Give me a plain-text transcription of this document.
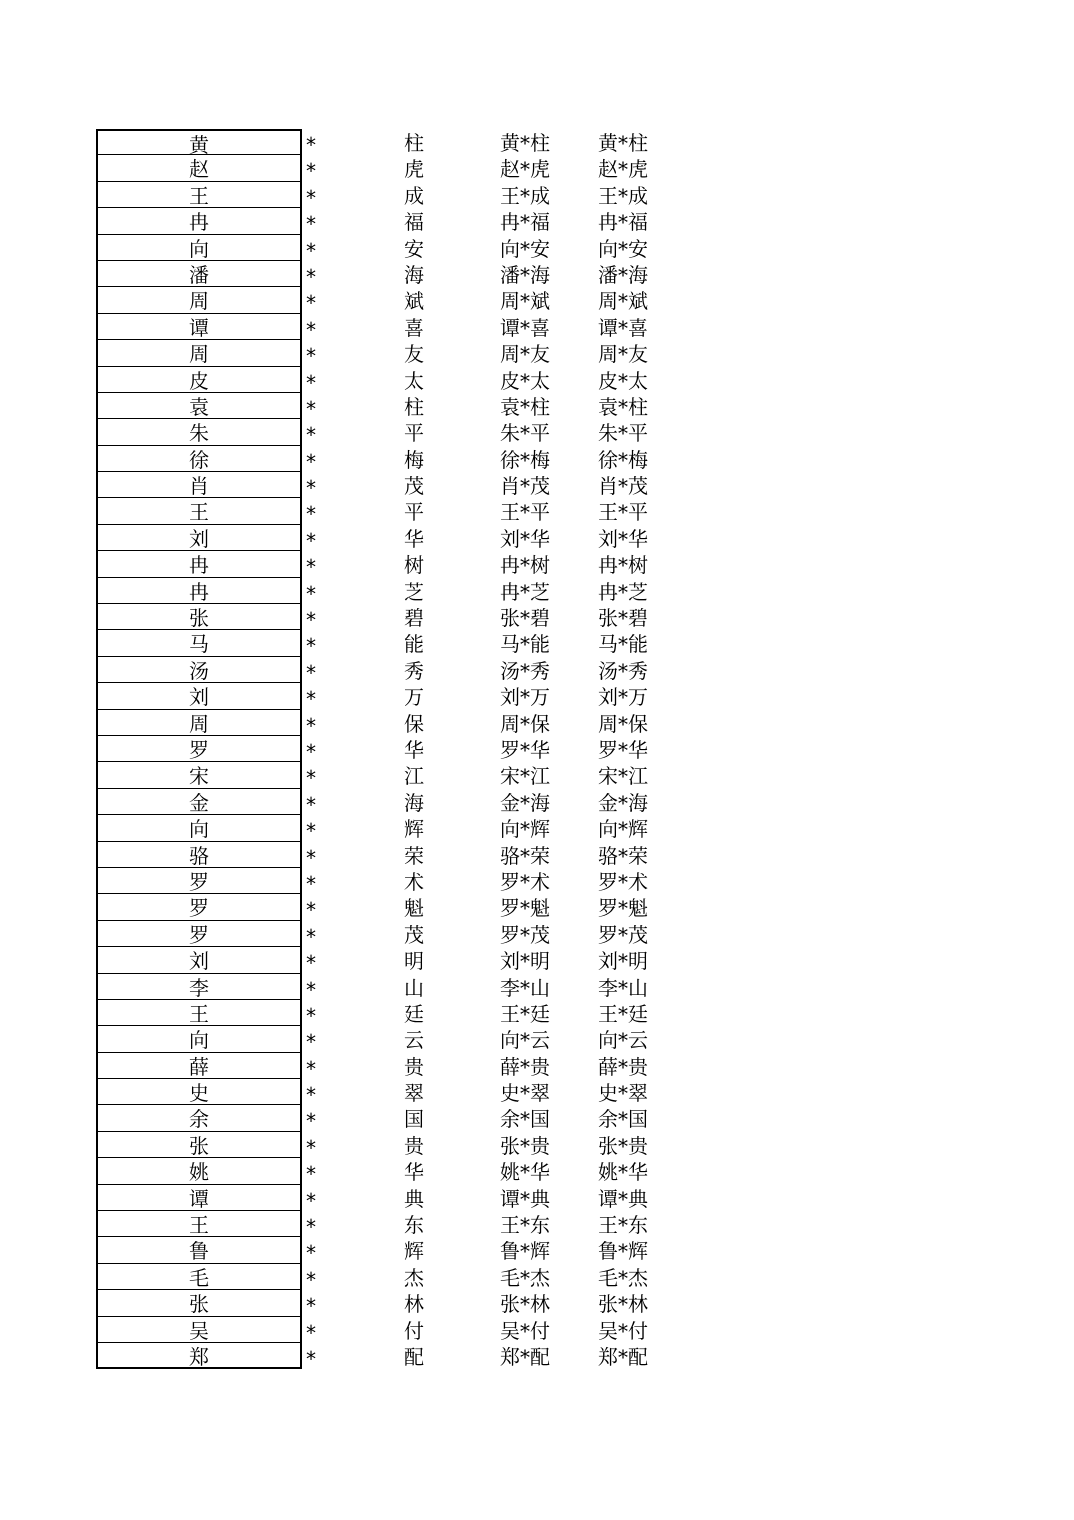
黄	*	柱	黄*柱	黄*柱
赵	*	虎	赵*虎	赵*虎
王	*	成	王*成	王*成
冉	*	福	冉*福	冉*福
向	*	安	向*安	向*安
潘	*	海	潘*海	潘*海
周	*	斌	周*斌	周*斌
谭	*	喜	谭*喜	谭*喜
周	*	友	周*友	周*友
皮	*	太	皮*太	皮*太
袁	*	柱	袁*柱	袁*柱
朱	*	平	朱*平	朱*平
徐	*	梅	徐*梅	徐*梅
肖	*	茂	肖*茂	肖*茂
王	*	平	王*平	王*平
刘	*	华	刘*华	刘*华
冉	*	树	冉*树	冉*树
冉	*	芝	冉*芝	冉*芝
张	*	碧	张*碧	张*碧
马	*	能	马*能	马*能
汤	*	秀	汤*秀	汤*秀
刘	*	万	刘*万	刘*万
周	*	保	周*保	周*保
罗	*	华	罗*华	罗*华
宋	*	江	宋*江	宋*江
金	*	海	金*海	金*海
向	*	辉	向*辉	向*辉
骆	*	荣	骆*荣	骆*荣
罗	*	术	罗*术	罗*术
罗	*	魁	罗*魁	罗*魁
罗	*	茂	罗*茂	罗*茂
刘	*	明	刘*明	刘*明
李	*	山	李*山	李*山
王	*	廷	王*廷	王*廷
向	*	云	向*云	向*云
薛	*	贵	薛*贵	薛*贵
史	*	翠	史*翠	史*翠
余	*	国	余*国	余*国
张	*	贵	张*贵	张*贵
姚	*	华	姚*华	姚*华
谭	*	典	谭*典	谭*典
王	*	东	王*东	王*东
鲁	*	辉	鲁*辉	鲁*辉
毛	*	杰	毛*杰	毛*杰
张	*	林	张*林	张*林
吴	*	付	吴*付	吴*付
郑	*	配	郑*配	郑*配
